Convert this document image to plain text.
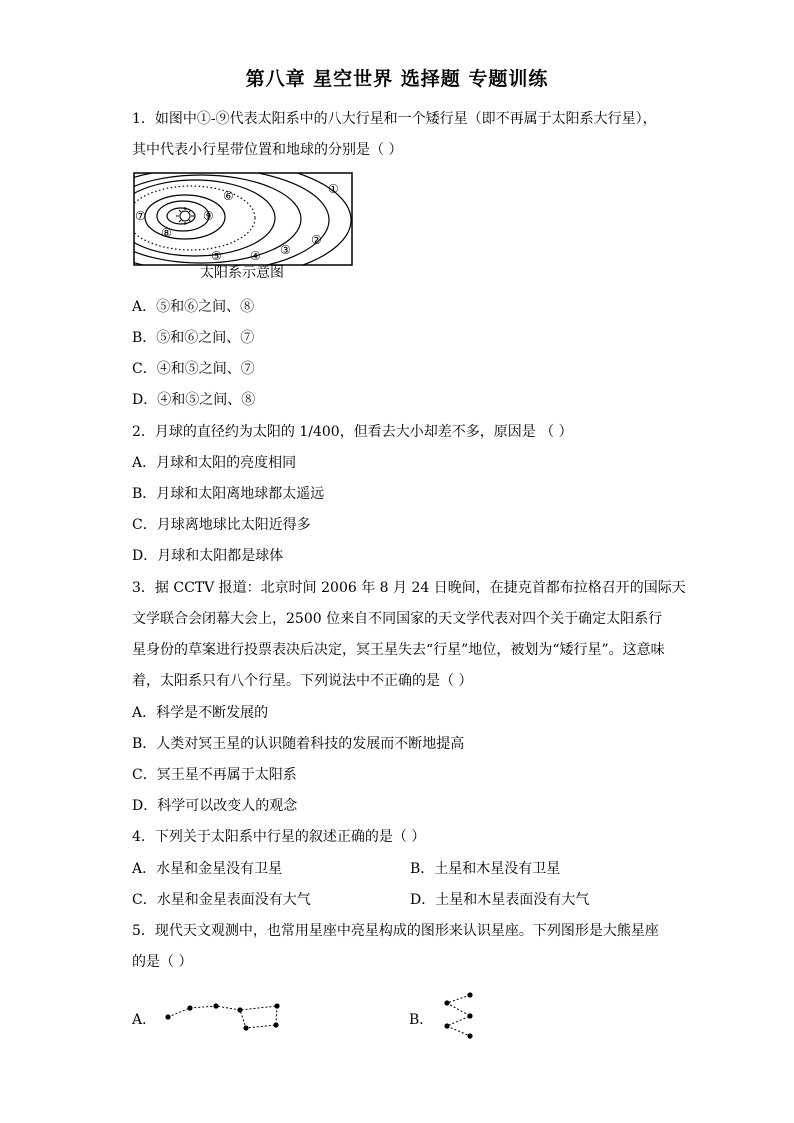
第八章 星空世界 选择题 专题训练
1．如图中①-⑨代表太阳系中的八大行星和一个矮行星（即不再属于太阳系大行星），
其中代表小行星带位置和地球的分别是（ ）
①
②
③
④
⑤
⑥
⑦
⑧
⑨
太阳系示意图
A．⑤和⑥之间、⑧
B．⑤和⑥之间、⑦
C．④和⑤之间、⑦
D．④和⑤之间、⑧
2．月球的直径约为太阳的 1/400，但看去大小却差不多，原因是 （ ）
A．月球和太阳的亮度相同
B．月球和太阳离地球都太遥远
C．月球离地球比太阳近得多
D．月球和太阳都是球体
3．据 CCTV 报道：北京时间 2006 年 8 月 24 日晚间，在捷克首都布拉格召开的国际天
文学联合会闭幕大会上，2500 位来自不同国家的天文学代表对四个关于确定太阳系行
星身份的草案进行投票表决后决定，冥王星失去“行星”地位，被划为“矮行星”。这意味
着，太阳系只有八个行星。下列说法中不正确的是（ ）
A．科学是不断发展的
B．人类对冥王星的认识随着科技的发展而不断地提高
C．冥王星不再属于太阳系
D．科学可以改变人的观念
4．下列关于太阳系中行星的叙述正确的是（ ）
A．水星和金星没有卫星	B．土星和木星没有卫星
C．水星和金星表面没有大气	D．土星和木星表面没有大气
5．现代天文观测中，也常用星座中亮星构成的图形来认识星座。下列图形是大熊星座
的是（ ）
A．	B．
